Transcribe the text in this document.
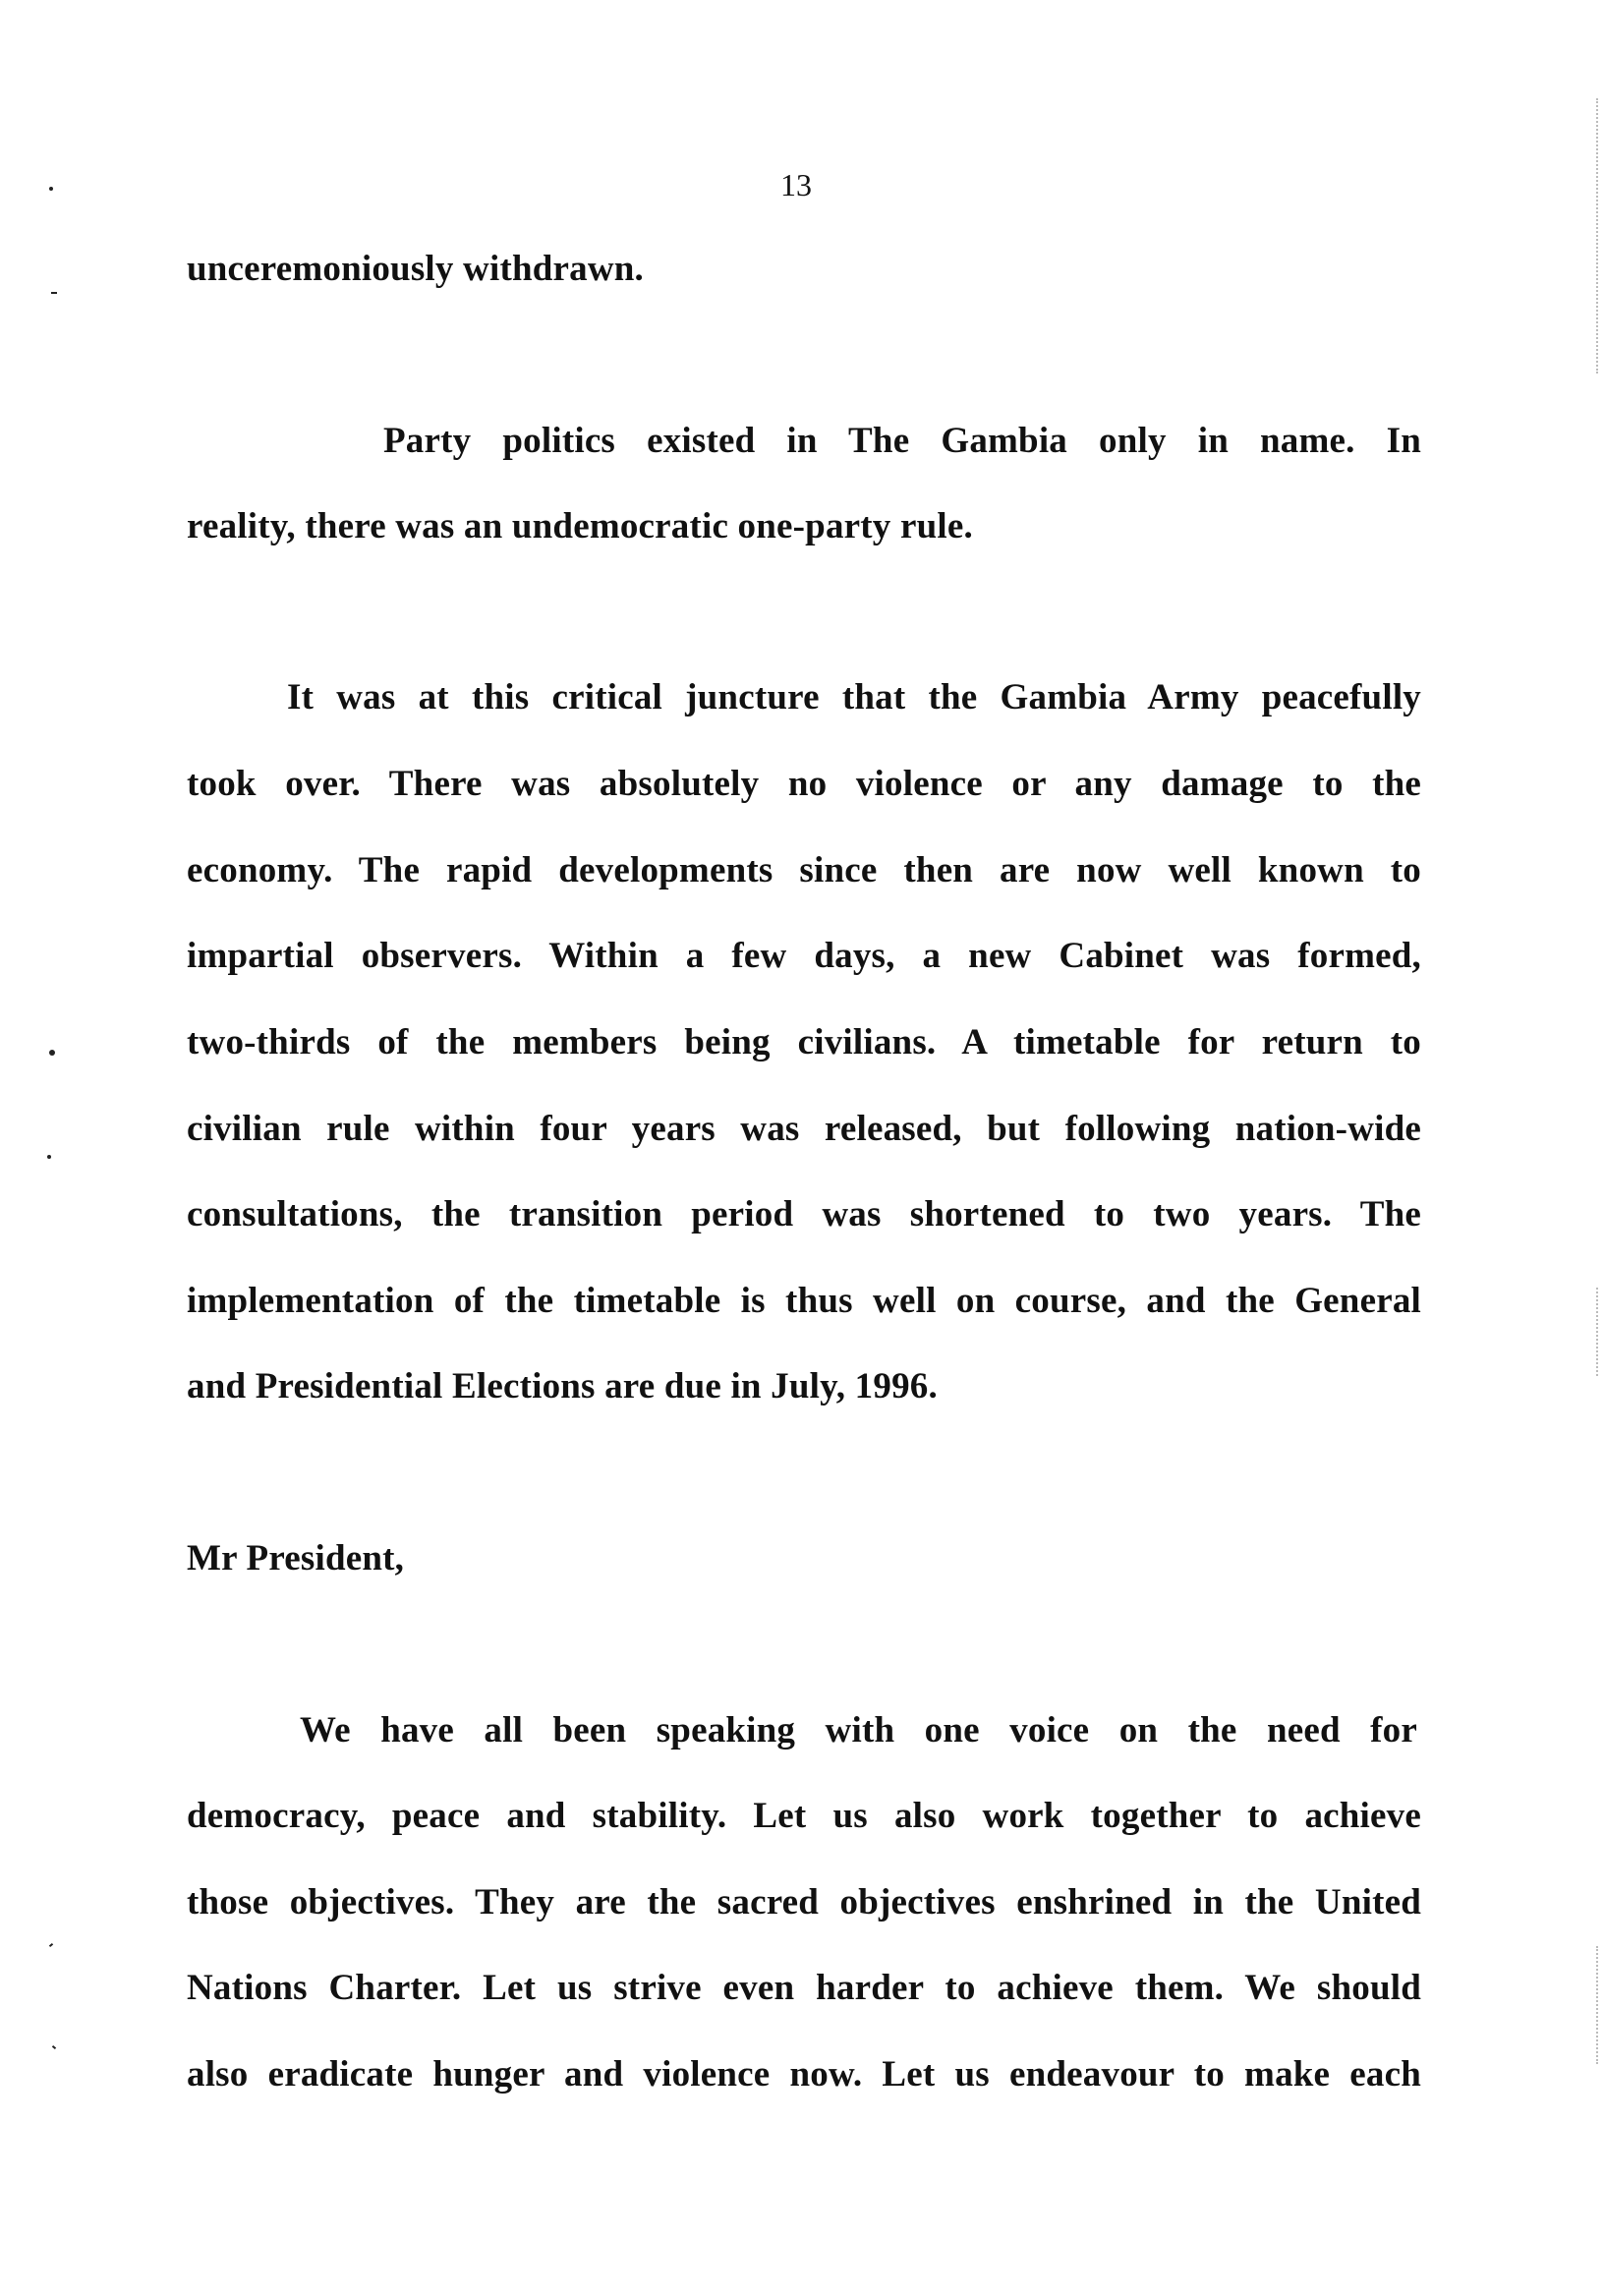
13

unceremoniously withdrawn.

Party politics existed in The Gambia only in name. In

reality, there was an undemocratic one-party rule.

It was at this critical juncture that the Gambia Army peacefully

took over. There was absolutely no violence or any damage to the

economy. The rapid developments since then are now well known to

impartial observers. Within a few days, a new Cabinet was formed,

two-thirds of the members being civilians. A timetable for return to

civilian rule within four years was released, but following nation-wide

consultations, the transition period was shortened to two years. The

implementation of the timetable is thus well on course, and the General

and Presidential Elections are due in July, 1996.

Mr President,

We have all been speaking with one voice on the need for

democracy, peace and stability. Let us also work together to achieve

those objectives. They are the sacred objectives enshrined in the United

Nations Charter. Let us strive even harder to achieve them. We should

also eradicate hunger and violence now. Let us endeavour to make each
